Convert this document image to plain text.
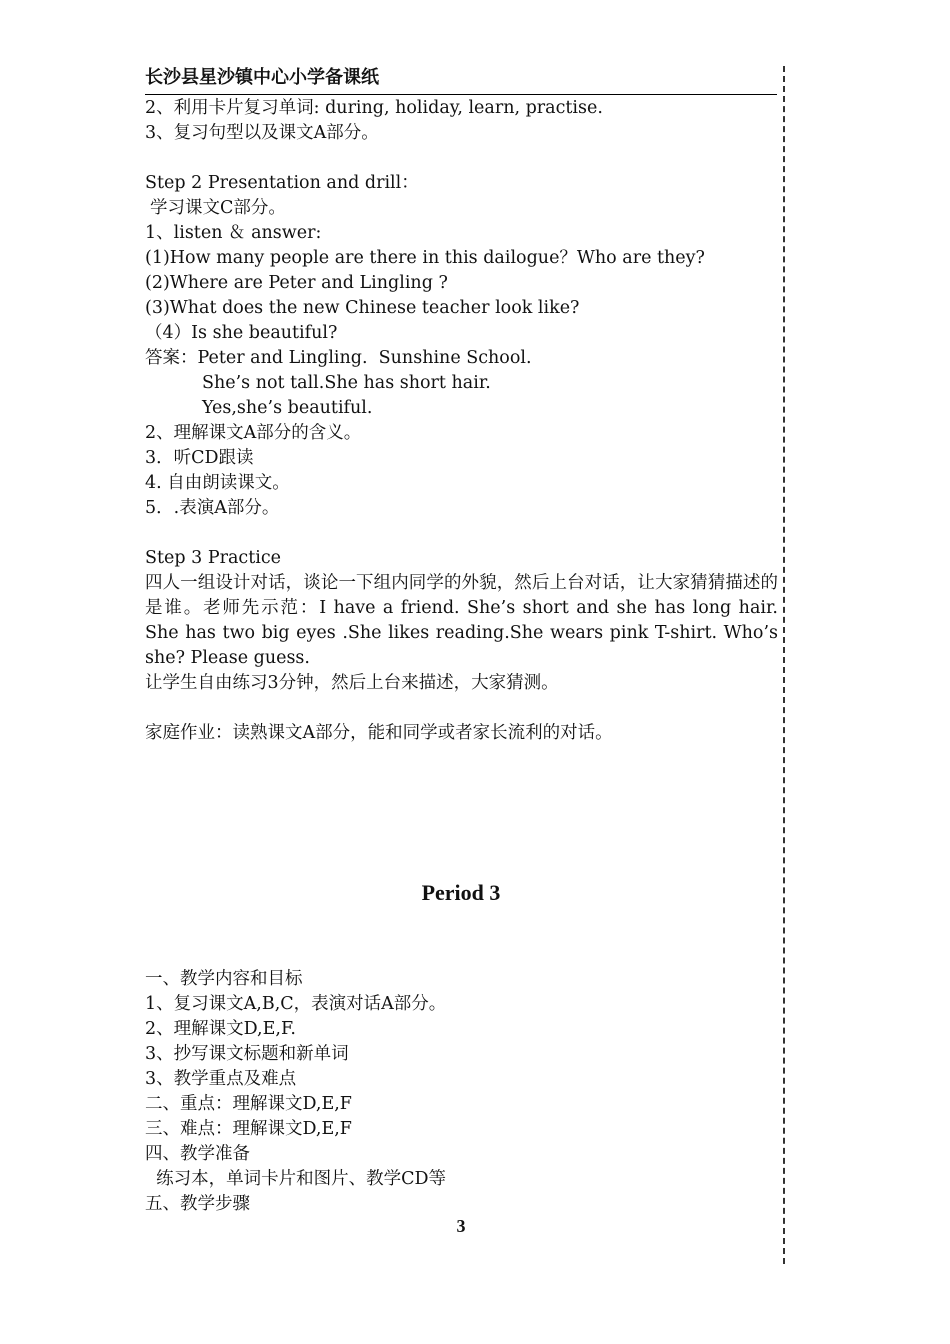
长沙县星沙镇中心小学备课纸
2、利用卡片复习单词: during, holiday, learn, practise.
3、复习句型以及课文A部分。
Step 2 Presentation and drill：
学习课文C部分。
1、listen ＆ answer:
(1)How many people are there in this dailogue？Who are they?
(2)Where are Peter and Lingling ?
(3)What does the new Chinese teacher look like?
（4）Is she beautiful?
答案：Peter and Lingling.  Sunshine School.
She’s not tall.She has short hair.
Yes,she’s beautiful.
2、理解课文A部分的含义。
3．听CD跟读
4. 自由朗读课文。
5．.表演A部分。
Step 3 Practice
四人一组设计对话，谈论一下组内同学的外貌，然后上台对话，让大家猜猜描述的是谁。老师先示范：I have a friend. She’s short and she has long hair. She has two big eyes .She likes reading.She wears pink T-shirt. Who’s she? Please guess.
让学生自由练习3分钟，然后上台来描述，大家猜测。
家庭作业：读熟课文A部分，能和同学或者家长流利的对话。
Period 3
一、教学内容和目标
1、复习课文A,B,C，表演对话A部分。
2、理解课文D,E,F.
3、抄写课文标题和新单词
3、教学重点及难点
二、重点：理解课文D,E,F
三、难点：理解课文D,E,F
四、教学准备
练习本，单词卡片和图片、教学CD等
五、教学步骤
3
